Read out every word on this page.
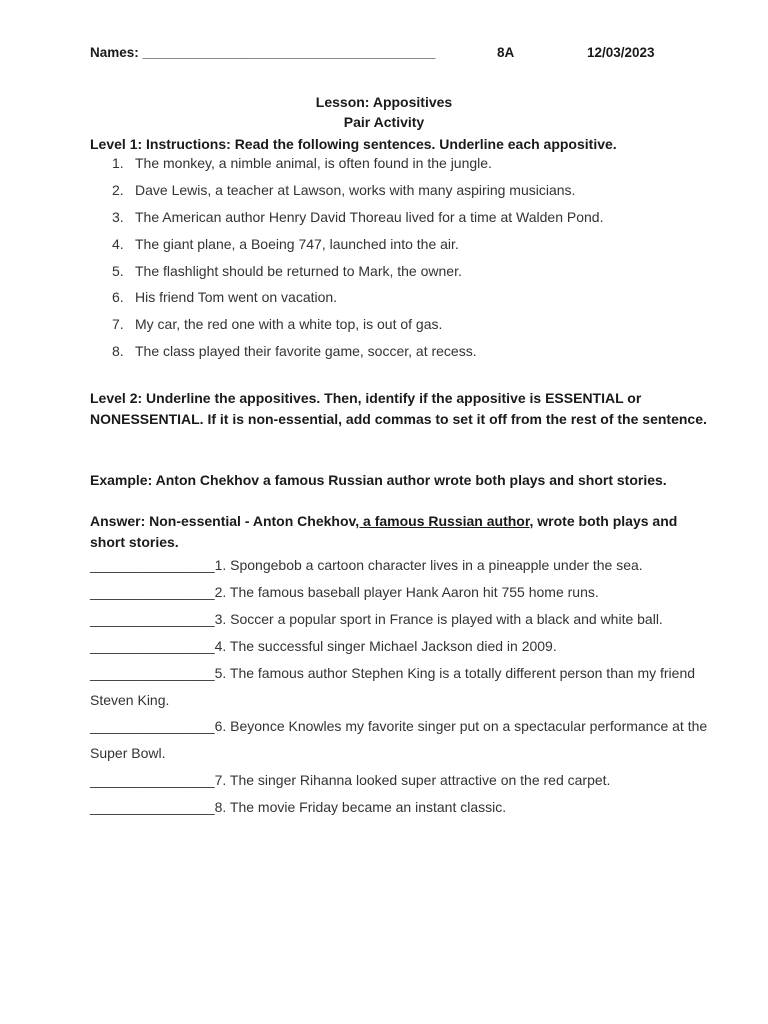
Names: _______________________________________	8A	12/03/2023
Lesson: Appositives
Pair Activity
Level 1: Instructions: Read the following sentences. Underline each appositive.
1. The monkey, a nimble animal, is often found in the jungle.
2. Dave Lewis, a teacher at Lawson, works with many aspiring musicians.
3. The American author Henry David Thoreau lived for a time at Walden Pond.
4. The giant plane, a Boeing 747, launched into the air.
5. The flashlight should be returned to Mark, the owner.
6. His friend Tom went on vacation.
7. My car, the red one with a white top, is out of gas.
8. The class played their favorite game, soccer, at recess.
Level 2: Underline the appositives. Then, identify if the appositive is ESSENTIAL or NONESSENTIAL. If it is non-essential, add commas to set it off from the rest of the sentence.
Example: Anton Chekhov a famous Russian author wrote both plays and short stories.
Answer: Non-essential - Anton Chekhov, a famous Russian author, wrote both plays and short stories.
________________1. Spongebob a cartoon character lives in a pineapple under the sea.
________________2. The famous baseball player Hank Aaron hit 755 home runs.
________________3. Soccer a popular sport in France is played with a black and white ball.
________________4. The successful singer Michael Jackson died in 2009.
________________5. The famous author Stephen King is a totally different person than my friend Steven King.
________________6. Beyonce Knowles my favorite singer put on a spectacular performance at the Super Bowl.
________________7. The singer Rihanna looked super attractive on the red carpet.
________________8. The movie Friday became an instant classic.
